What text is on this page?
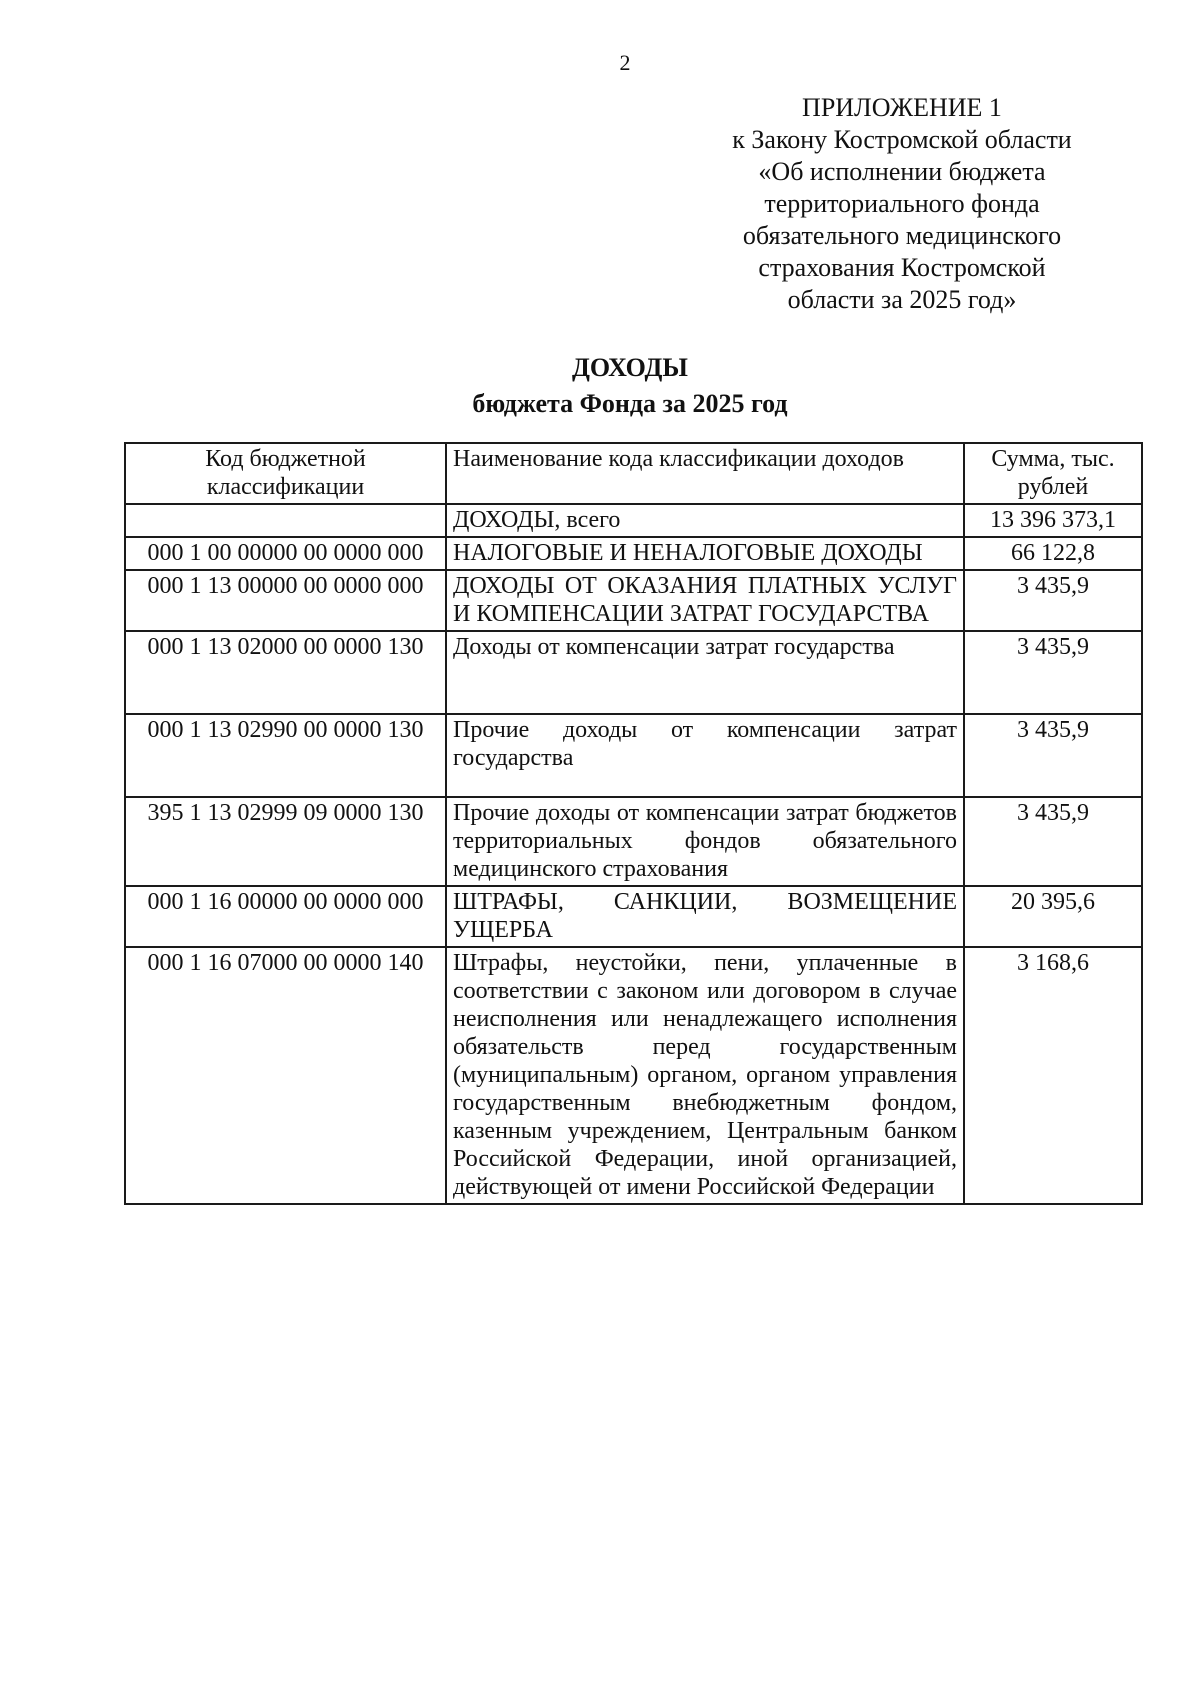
2
ПРИЛОЖЕНИЕ 1
к Закону Костромской области
«Об исполнении бюджета
территориального фонда
обязательного медицинского
страхования Костромской
области за 2025 год»
ДОХОДЫ
бюджета Фонда за 2025 год
Код бюджетной классификации	Наименование кода классификации доходов	Сумма, тыс. рублей
	ДОХОДЫ, всего	13 396 373,1
000 1 00 00000 00 0000 000	НАЛОГОВЫЕ И НЕНАЛОГОВЫЕ ДОХОДЫ	66 122,8
000 1 13 00000 00 0000 000	ДОХОДЫ ОТ ОКАЗАНИЯ ПЛАТНЫХ УСЛУГ И КОМПЕНСАЦИИ ЗАТРАТ ГОСУДАРСТВА	3 435,9
000 1 13 02000 00 0000 130	Доходы от компенсации затрат государства	3 435,9
000 1 13 02990 00 0000 130	Прочие доходы от компенсации затрат государства	3 435,9
395 1 13 02999 09 0000 130	Прочие доходы от компенсации затрат бюджетов территориальных фондов обязательного медицинского страхования	3 435,9
000 1 16 00000 00 0000 000	ШТРАФЫ, САНКЦИИ, ВОЗМЕЩЕНИЕ УЩЕРБА	20 395,6
000 1 16 07000 00 0000 140	Штрафы, неустойки, пени, уплаченные в соответствии с законом или договором в случае неисполнения или ненадлежащего исполнения обязательств перед государственным (муниципальным) органом, органом управления государственным внебюджетным фондом, казенным учреждением, Центральным банком Российской Федерации, иной организацией, действующей от имени Российской Федерации	3 168,6
